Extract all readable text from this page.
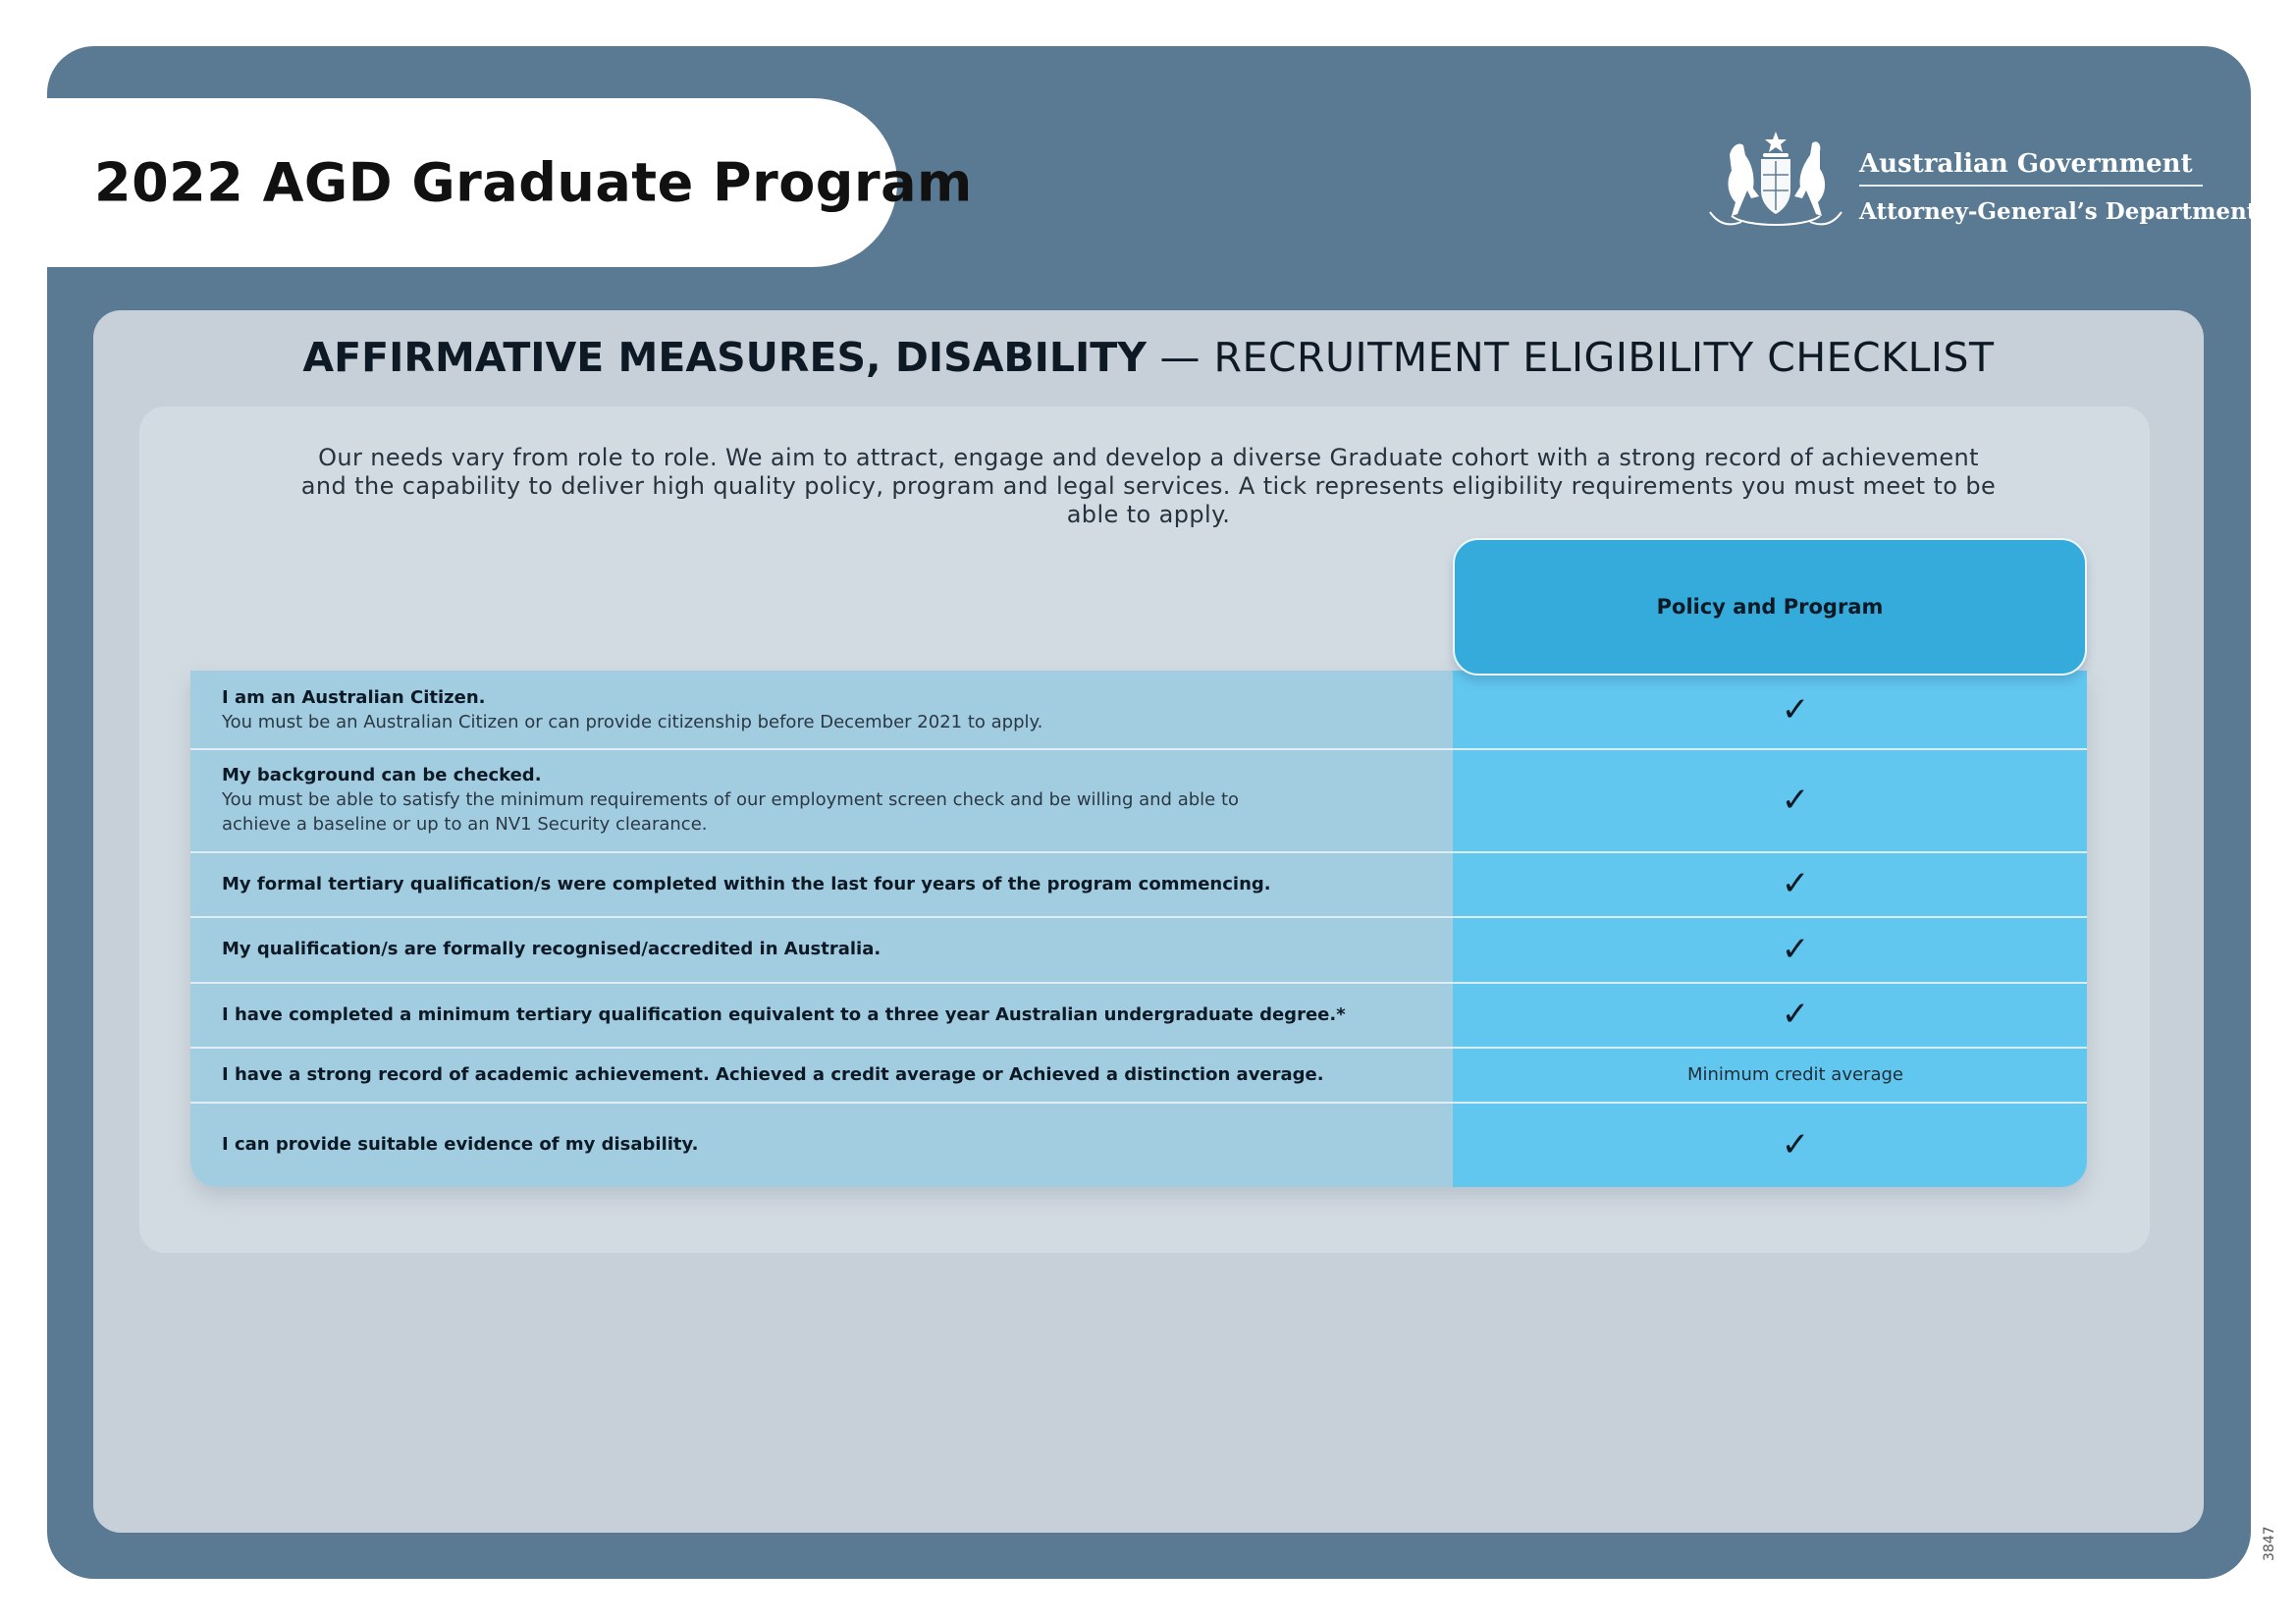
2022 AGD Graduate Program	Australian Government
Attorney-General’s Department
AFFIRMATIVE MEASURES, DISABILITY — RECRUITMENT ELIGIBILITY CHECKLIST
Our needs vary from role to role. We aim to attract, engage and develop a diverse Graduate cohort with a strong record of achievement and the capability to deliver high quality policy, program and legal services. A tick represents eligibility requirements you must meet to be able to apply.
Policy and Program
I am an Australian Citizen.
You must be an Australian Citizen or can provide citizenship before December 2021 to apply.	✓
My background can be checked.
You must be able to satisfy the minimum requirements of our employment screen check and be willing and able to achieve a baseline or up to an NV1 Security clearance.
✓
My formal tertiary qualification/s were completed within the last four years of the program commencing.	✓
My qualification/s are formally recognised/accredited in Australia.	✓
I have completed a minimum tertiary qualification equivalent to a three year Australian undergraduate degree.*	✓
I have a strong record of academic achievement. Achieved a credit average or Achieved a distinction average.	Minimum credit average
I can provide suitable evidence of my disability.	✓
3847
